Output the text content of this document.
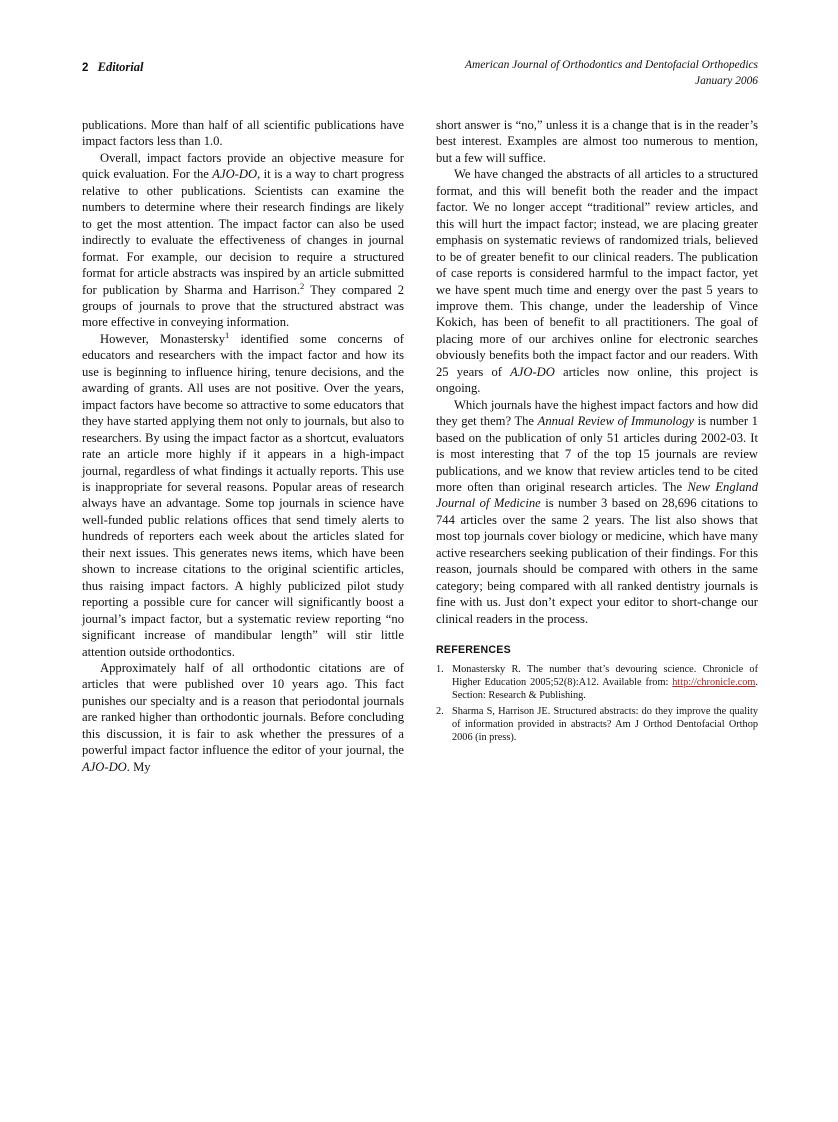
2 Editorial	American Journal of Orthodontics and Dentofacial Orthopedics
January 2006

publications. More than half of all scientific publications have impact factors less than 1.0.

Overall, impact factors provide an objective measure for quick evaluation. For the AJO-DO, it is a way to chart progress relative to other publications. Scientists can examine the numbers to determine where their research findings are likely to get the most attention. The impact factor can also be used indirectly to evaluate the effectiveness of changes in journal format. For example, our decision to require a structured format for article abstracts was inspired by an article submitted for publication by Sharma and Harrison.$^2$ They compared 2 groups of journals to prove that the structured abstract was more effective in conveying information.

However, Monastersky$^1$ identified some concerns of educators and researchers with the impact factor and how its use is beginning to influence hiring, tenure decisions, and the awarding of grants. All uses are not positive. Over the years, impact factors have become so attractive to some educators that they have started applying them not only to journals, but also to researchers. By using the impact factor as a shortcut, evaluators rate an article more highly if it appears in a high-impact journal, regardless of what findings it actually reports. This use is inappropriate for several reasons. Popular areas of research always have an advantage. Some top journals in science have well-funded public relations offices that send timely alerts to hundreds of reporters each week about the articles slated for their next issues. This generates news items, which have been shown to increase citations to the original scientific articles, thus raising impact factors. A highly publicized pilot study reporting a possible cure for cancer will significantly boost a journal’s impact factor, but a systematic review reporting “no significant increase of mandibular length” will stir little attention outside orthodontics.

Approximately half of all orthodontic citations are of articles that were published over 10 years ago. This fact punishes our specialty and is a reason that periodontal journals are ranked higher than orthodontic journals. Before concluding this discussion, it is fair to ask whether the pressures of a powerful impact factor influence the editor of your journal, the AJO-DO. My

short answer is “no,” unless it is a change that is in the reader’s best interest. Examples are almost too numerous to mention, but a few will suffice.

We have changed the abstracts of all articles to a structured format, and this will benefit both the reader and the impact factor. We no longer accept “traditional” review articles, and this will hurt the impact factor; instead, we are placing greater emphasis on systematic reviews of randomized trials, believed to be of greater benefit to our clinical readers. The publication of case reports is considered harmful to the impact factor, yet we have spent much time and energy over the past 5 years to improve them. This change, under the leadership of Vince Kokich, has been of benefit to all practitioners. The goal of placing more of our archives online for electronic searches obviously benefits both the impact factor and our readers. With 25 years of AJO-DO articles now online, this project is ongoing.

Which journals have the highest impact factors and how did they get them? The Annual Review of Immunology is number 1 based on the publication of only 51 articles during 2002-03. It is most interesting that 7 of the top 15 journals are review publications, and we know that review articles tend to be cited more often than original research articles. The New England Journal of Medicine is number 3 based on 28,696 citations to 744 articles over the same 2 years. The list also shows that most top journals cover biology or medicine, which have many active researchers seeking publication of their findings. For this reason, journals should be compared with others in the same category; being compared with all ranked dentistry journals is fine with us. Just don’t expect your editor to short-change our clinical readers in the process.

REFERENCES

1. Monastersky R. The number that’s devouring science. Chronicle of Higher Education 2005;52(8):A12. Available from: http://chronicle.com. Section: Research & Publishing.
2. Sharma S, Harrison JE. Structured abstracts: do they improve the quality of information provided in abstracts? Am J Orthod Dentofacial Orthop 2006 (in press).
